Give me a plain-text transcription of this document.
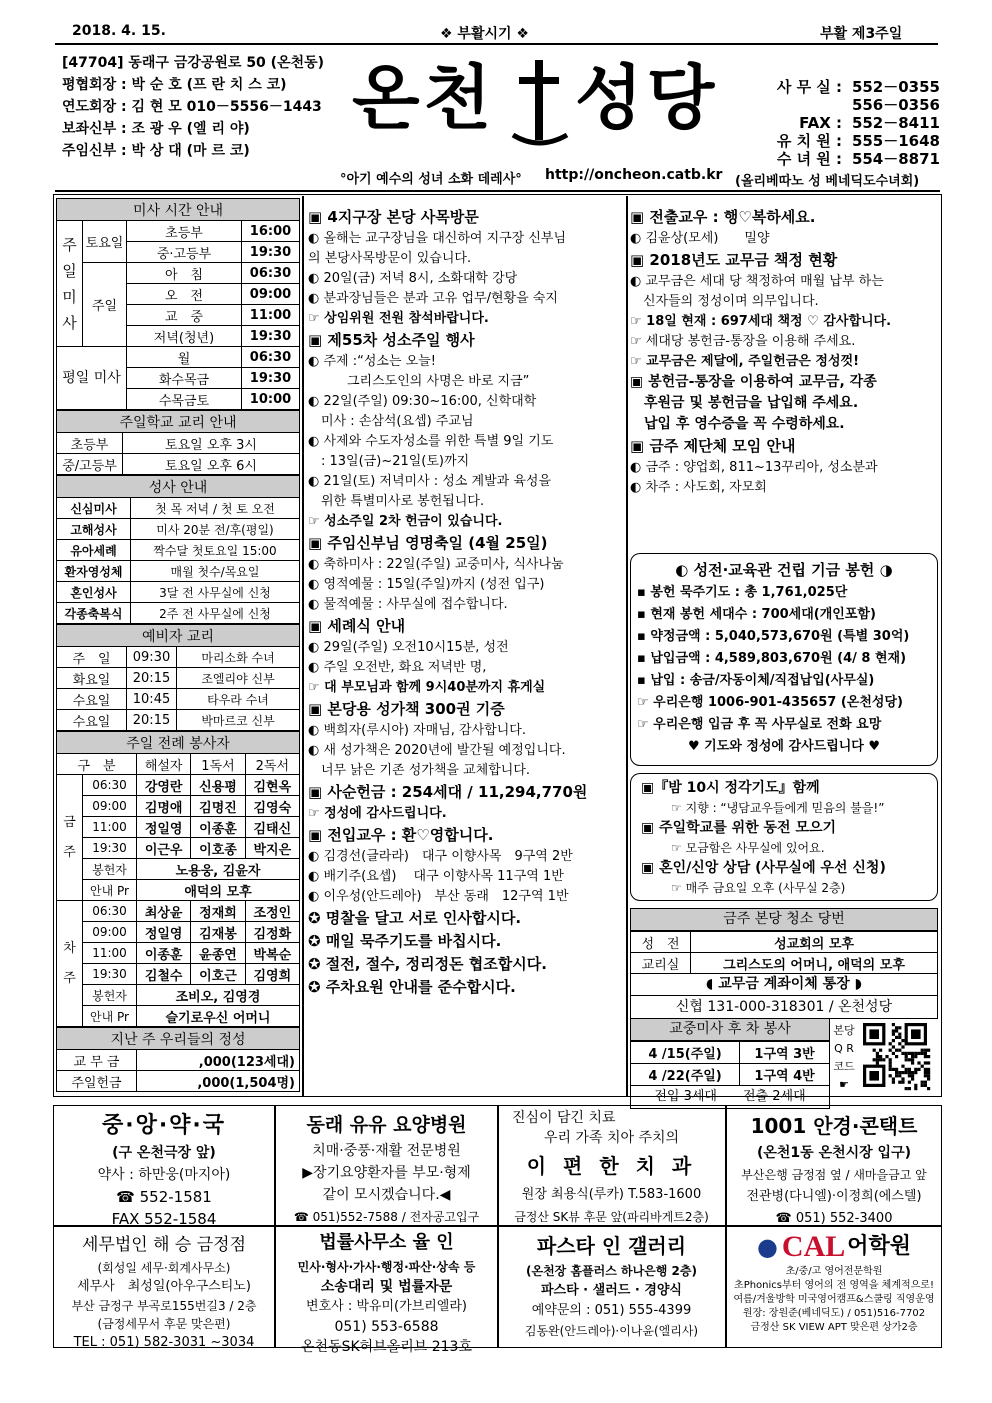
2018. 4. 15.	❖ 부활시기 ❖	부활 제3주일
[47704] 동래구 금강공원로 50 (온천동)
평협회장 : 박 순 호 (프 란 치 스 코)
연도회장 : 김 현 모 010－5556－1443
보좌신부 : 조 광 우 (엘 리 야)
주임신부 : 박 상 대 (마 르 코)
온천 성당
°아기 예수의 성녀 소화 데레사° http://oncheon.catb.kr
사 무 실 : 552－0355
556－0356
FAX : 552－8411
유 치 원 : 555－1648
수 녀 원 : 554－8871
(올리베따노 성 베네딕도수녀회)
미사 시간 안내			
주 일 미 사	토요일	초등부	16:00
		중·고등부	19:30
	주일	아　침	06:30
		오　전	09:00
		교　중	11:00
		저녁(청년)	19:30
평일 미사		월	06:30
		화수목금	19:30
		수목금토	10:00
주일학교 교리 안내	
초등부	토요일 오후 3시
중/고등부	토요일 오후 6시
성사 안내	
신심미사	첫 목 저녁 / 첫 토 오전
고해성사	미사 20분 전/후(평일)
유아세례	짝수달 첫토요일 15:00
환자영성체	매월 첫수/목요일
혼인성사	3달 전 사무실에 신청
각종축복식	2주 전 사무실에 신청
예비자 교리		
주　일	09:30	마리소화 수녀
화요일	20:15	조엘리야 신부
수요일	10:45	타우라 수녀
수요일	20:15	박마르코 신부
주일 전례 봉사자				
구　분		해설자	1독서	2독서
금 주	06:30	강영란	신용평	김현옥
	09:00	김명애	김명진	김영숙
	11:00	정일영	이종훈	김태신
	19:30	이근우	이호종	박지은
	봉헌자	노용웅, 김윤자		
	안내 Pr	애덕의 모후		
차 주	06:30	최상윤	정재희	조정인
	09:00	정일영	김재봉	김정화
	11:00	이종훈	윤종연	박복순
	19:30	김철수	이호근	김영희
	봉헌자	조비오, 김영경		
	안내 Pr	슬기로우신 어머니		
지난 주 우리들의 정성	
교 무 금	,000(123세대)
주일헌금	,000(1,504명)
▣ 4지구장 본당 사목방문
◐ 올해는 교구장님을 대신하여 지구장 신부님
의 본당사목방문이 있습니다.
◐ 20일(금) 저녁 8시, 소화대학 강당
◐ 분과장님들은 분과 고유 업무/현황을 숙지
☞ 상임위원 전원 참석바랍니다.
▣ 제55차 성소주일 행사
◐ 주제 :“성소는 오늘!
　　　그리스도인의 사명은 바로 지금”
◐ 22일(주일) 09:30~16:00, 신학대학
　미사 : 손삼석(요셉) 주교님
◐ 사제와 수도자성소를 위한 특별 9일 기도
　: 13일(금)~21일(토)까지
◐ 21일(토) 저녁미사 : 성소 계발과 육성을
　위한 특별미사로 봉헌됩니다.
☞ 성소주일 2차 헌금이 있습니다.
▣ 주임신부님 영명축일 (4월 25일)
◐ 축하미사 : 22일(주일) 교중미사, 식사나눔
◐ 영적예물 : 15일(주일)까지 (성전 입구)
◐ 물적예물 : 사무실에 접수합니다.
▣ 세례식 안내
◐ 29일(주일) 오전10시15분, 성전
◐ 주일 오전반, 화요 저녁반 명,
☞ 대 부모님과 함께 9시40분까지 휴게실
▣ 본당용 성가책 300권 기증
◐ 백희자(루시아) 자매님, 감사합니다.
◐ 새 성가책은 2020년에 발간될 예정입니다.
　너무 낡은 기존 성가책을 교체합니다.
▣ 사순헌금 : 254세대 / 11,294,770원
☞ 정성에 감사드립니다.
▣ 전입교우 : 환♡영합니다.
◐ 김경선(글라라)　대구 이향사목　9구역 2반
◐ 배기주(요셉)　 대구 이향사목 11구역 1반
◐ 이우성(안드레아)　부산 동래　12구역 1반
✪ 명찰을 달고 서로 인사합시다.
✪ 매일 묵주기도를 바칩시다.
✪ 절전, 절수, 정리정돈 협조합시다.
✪ 주차요원 안내를 준수합시다.
▣ 전출교우 : 행♡복하세요.
◐ 김윤상(모세)　　밀양
▣ 2018년도 교무금 책정 현황
◐ 교무금은 세대 당 책정하여 매월 납부 하는
　신자들의 정성이며 의무입니다.
☞ 18일 현재 : 697세대 책정 ♡ 감사합니다.
☞ 세대당 봉헌금-통장을 이용해 주세요.
☞ 교무금은 제달에, 주일헌금은 정성껏!
▣ 봉헌금-통장을 이용하여 교무금, 각종
　후원금 및 봉헌금을 납입해 주세요.
　납입 후 영수증을 꼭 수령하세요.
▣ 금주 제단체 모임 안내
◐ 금주 : 양업회, 811~13꾸리아, 성소분과
◐ 차주 : 사도회, 자모회
◐ 성전·교육관 건립 기금 봉헌 ◑
▪ 봉헌 묵주기도 : 총 1,761,025단
▪ 현재 봉헌 세대수 : 700세대(개인포함)
▪ 약정금액 : 5,040,573,670원 (특별 30억)
▪ 납입금액 : 4,589,803,670원 (4/ 8 현재)
▪ 납입 : 송금/자동이체/직접납입(사무실)
☞ 우리은행 1006-901-435657 (온천성당)
☞ 우리은행 입금 후 꼭 사무실로 전화 요망
♥ 기도와 정성에 감사드립니다 ♥
▣『밤 10시 정각기도』함께
☞ 지향 : “냉담교우들에게 믿음의 불을!”
▣ 주일학교를 위한 동전 모으기
☞ 모금함은 사무실에 있어요.
▣ 혼인/신앙 상담 (사무실에 우선 신청)
☞ 매주 금요일 오후 (사무실 2층)
금주 본당 청소 당번
성　전	성교회의 모후
교리실	그리스도의 어머니, 애덕의 모후
◖ 교무금 계좌이체 통장 ◗
신협 131-000-318301 / 온천성당
교중미사 후 차 봉사
4 /15(주일)	1구역 3반
4 /22(주일)	1구역 4반
전입 3세대　　전출 2세대
본당
Q R
코드
☛
중·앙·약·국
(구 온천극장 앞)
약사 : 하만웅(마지아)
☎ 552-1581
FAX 552-1584
동래 유유 요양병원
치매·중풍·재활 전문병원
▶장기요양환자를 부모·형제
같이 모시겠습니다.◀
☎ 051)552-7588 / 전자공고입구
진심이 담긴 치료
우리 가족 치아 주치의
이 편 한 치 과
원장 최용식(루카) T.583-1600
금정산 SK뷰 후문 앞(파리바게트2층)
1001 안경·콘택트
(온천1동 온천시장 입구)
부산은행 금정점 옆 / 새마을금고 앞
전관병(다니엘)·이정희(에스텔)
☎ 051) 552-3400
세무법인 해 승 금정점
(회성일 세무·회계사무소)
세무사　최성일(아우구스티노)
부산 금정구 부곡로155번길3 / 2층
(금정세무서 후문 맞은편)
TEL : 051) 582-3031 ~3034
법률사무소 율 인
민사·형사·가사·행정·파산·상속 등
소송대리 및 법률자문
변호사 : 박유미(가브리엘라)
051) 553-6588
온천동SK허브올리브 213호
파스타 인 갤러리
(온천장 홈플러스 하나은행 2층)
파스타 · 샐러드 · 경양식
예약문의 : 051) 555-4399
김동완(안드레아)·이나윤(엘리사)
● CAL 어학원
초/중/고 영어전문학원
초Phonics부터 영어의 전 영역을 체계적으로!
여름/겨울방학 미국영어캠프&스쿨링 직영운영
원장: 장원준(베네딕도) / 051)516-7702
금정산 SK VIEW APT 맞은편 상가2층
